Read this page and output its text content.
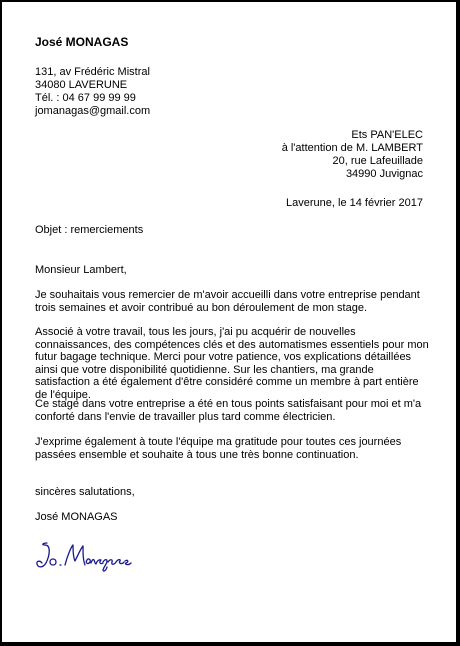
José MONAGAS
131, av Frédéric Mistral
34080 LAVERUNE
Tél. : 04 67 99 99 99
jomanagas@gmail.com
Ets PAN'ELEC
à l'attention de M. LAMBERT
20, rue Lafeuillade
34990 Juvignac
Laverune, le 14 février 2017
Objet : remerciements
Monsieur Lambert,
Je souhaitais vous remercier de m'avoir accueilli dans votre entreprise pendant trois semaines et avoir contribué au bon déroulement de mon stage.
Associé à votre travail, tous les jours, j'ai pu acquérir de nouvelles connaissances, des compétences clés et des automatismes essentiels pour mon futur bagage technique. Merci pour votre patience, vos explications détaillées ainsi que votre disponibilité quotidienne. Sur les chantiers, ma grande satisfaction a été également d'être considéré comme un membre à part entière de l'équipe.
Ce stage dans votre entreprise a été en tous points satisfaisant pour moi et m'a conforté dans l'envie de travailler plus tard comme électricien.
J'exprime également à toute l'équipe ma gratitude pour toutes ces journées passées ensemble et souhaite à tous une très bonne continuation.
sincères salutations,
José MONAGAS
